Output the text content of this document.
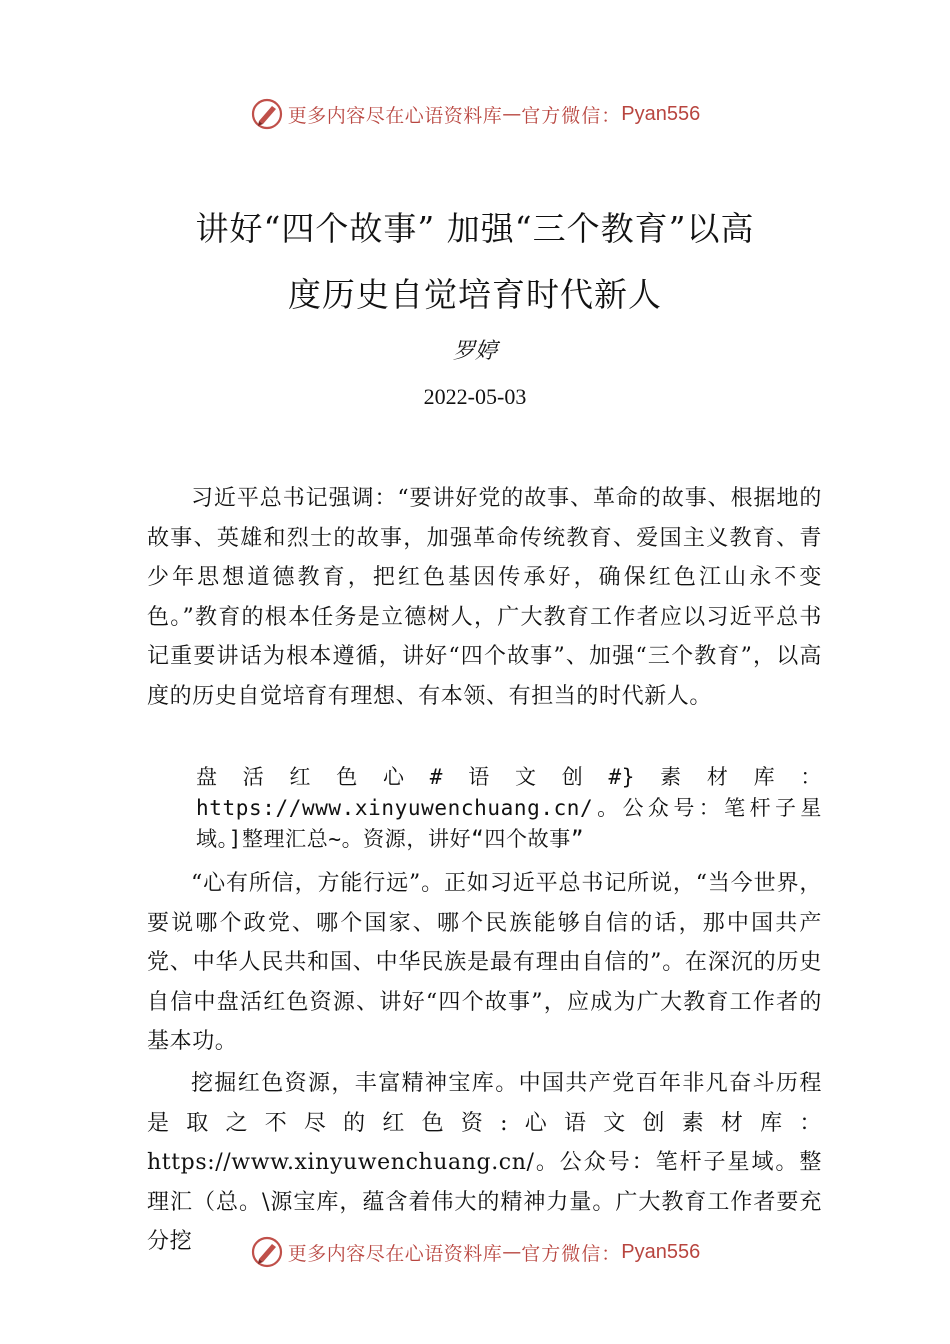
更多内容尽在心语资料库 — 官方微信： Pyan556
讲好“四个故事” 加强“三个教育”以高
度历史自觉培育时代新人
罗婷
2022-05-03

习近平总书记强调：“要讲好党的故事、革命的故事、根据地的故事、英雄和烈士的故事，加强革命传统教育、爱国主义教育、青少年思想道德教育，把红色基因传承好，确保红色江山永不变色。”教育的根本任务是立德树人，广大教育工作者应以习近平总书记重要讲话为根本遵循，讲好“四个故事”、加强“三个教育”，以高度的历史自觉培育有理想、有本领、有担当的时代新人。

盘活红色心#语文创#}素材库：https://www.xinyuwenchuang.cn/。公众号：笔杆子星域。]整理汇总~。资源，讲好“四个故事”

“心有所信，方能行远”。正如习近平总书记所说，“当今世界，要说哪个政党、哪个国家、哪个民族能够自信的话，那中国共产党、中华人民共和国、中华民族是最有理由自信的”。在深沉的历史自信中盘活红色资源、讲好“四个故事”，应成为广大教育工作者的基本功。

挖掘红色资源，丰富精神宝库。中国共产党百年非凡奋斗历程是取之不尽的红色资:心语文创素材库：https://www.xinyuwenchuang.cn/。公众号：笔杆子星域。整理汇（总。\源宝库，蕴含着伟大的精神力量。广大教育工作者要充分挖	更多内容尽在心语资料库 — 官方微信： Pyan556
